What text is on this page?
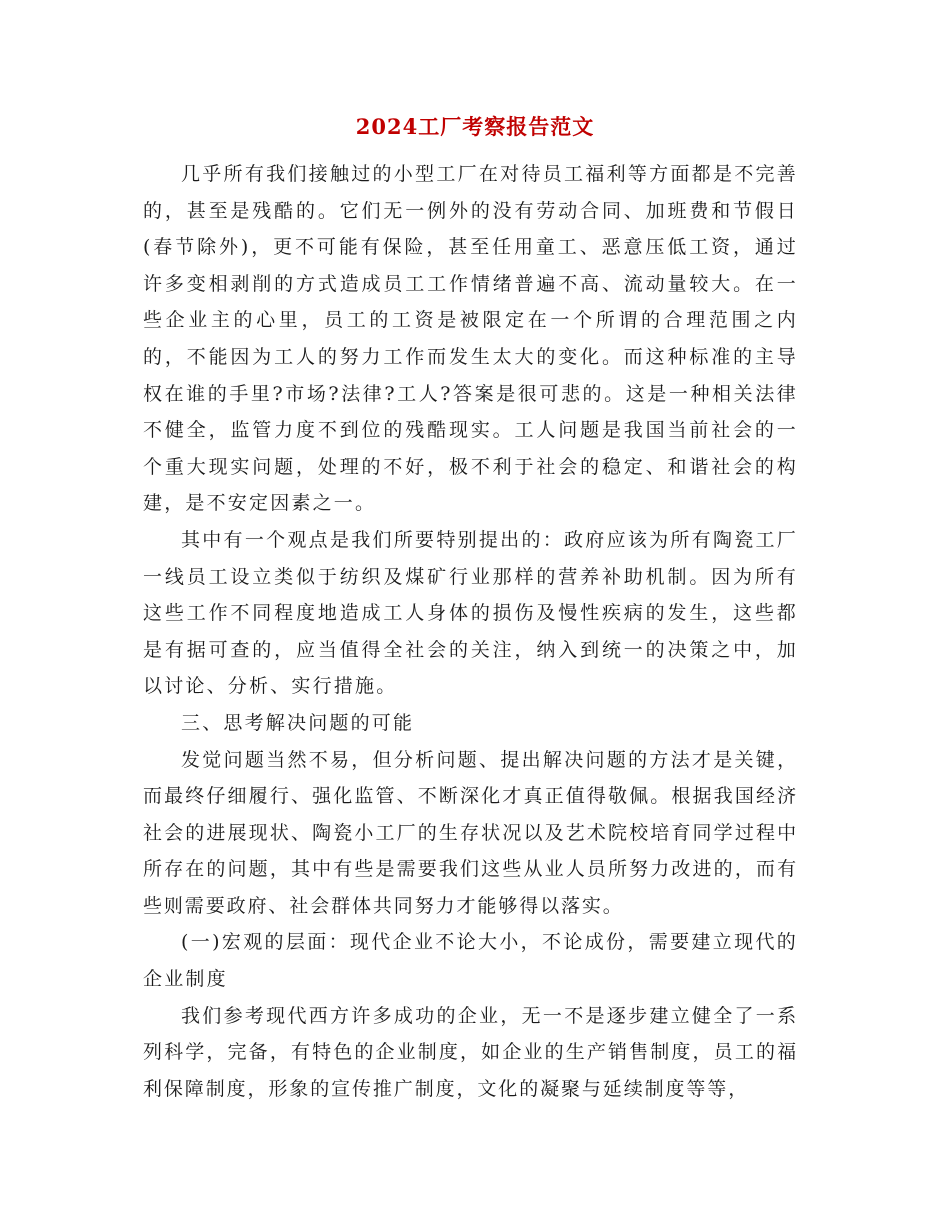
2024工厂考察报告范文

几乎所有我们接触过的小型工厂在对待员工福利等方面都是不完善的，甚至是残酷的。它们无一例外的没有劳动合同、加班费和节假日(春节除外)，更不可能有保险，甚至任用童工、恶意压低工资，通过许多变相剥削的方式造成员工工作情绪普遍不高、流动量较大。在一些企业主的心里，员工的工资是被限定在一个所谓的合理范围之内的，不能因为工人的努力工作而发生太大的变化。而这种标准的主导权在谁的手里?市场?法律?工人?答案是很可悲的。这是一种相关法律不健全，监管力度不到位的残酷现实。工人问题是我国当前社会的一个重大现实问题，处理的不好，极不利于社会的稳定、和谐社会的构建，是不安定因素之一。

其中有一个观点是我们所要特别提出的：政府应该为所有陶瓷工厂一线员工设立类似于纺织及煤矿行业那样的营养补助机制。因为所有这些工作不同程度地造成工人身体的损伤及慢性疾病的发生，这些都是有据可查的，应当值得全社会的关注，纳入到统一的决策之中，加以讨论、分析、实行措施。

三、思考解决问题的可能

发觉问题当然不易，但分析问题、提出解决问题的方法才是关键，而最终仔细履行、强化监管、不断深化才真正值得敬佩。根据我国经济社会的进展现状、陶瓷小工厂的生存状况以及艺术院校培育同学过程中所存在的问题，其中有些是需要我们这些从业人员所努力改进的，而有些则需要政府、社会群体共同努力才能够得以落实。

(一)宏观的层面：现代企业不论大小，不论成份，需要建立现代的企业制度

我们参考现代西方许多成功的企业，无一不是逐步建立健全了一系列科学，完备，有特色的企业制度，如企业的生产销售制度，员工的福利保障制度，形象的宣传推广制度，文化的凝聚与延续制度等等，
